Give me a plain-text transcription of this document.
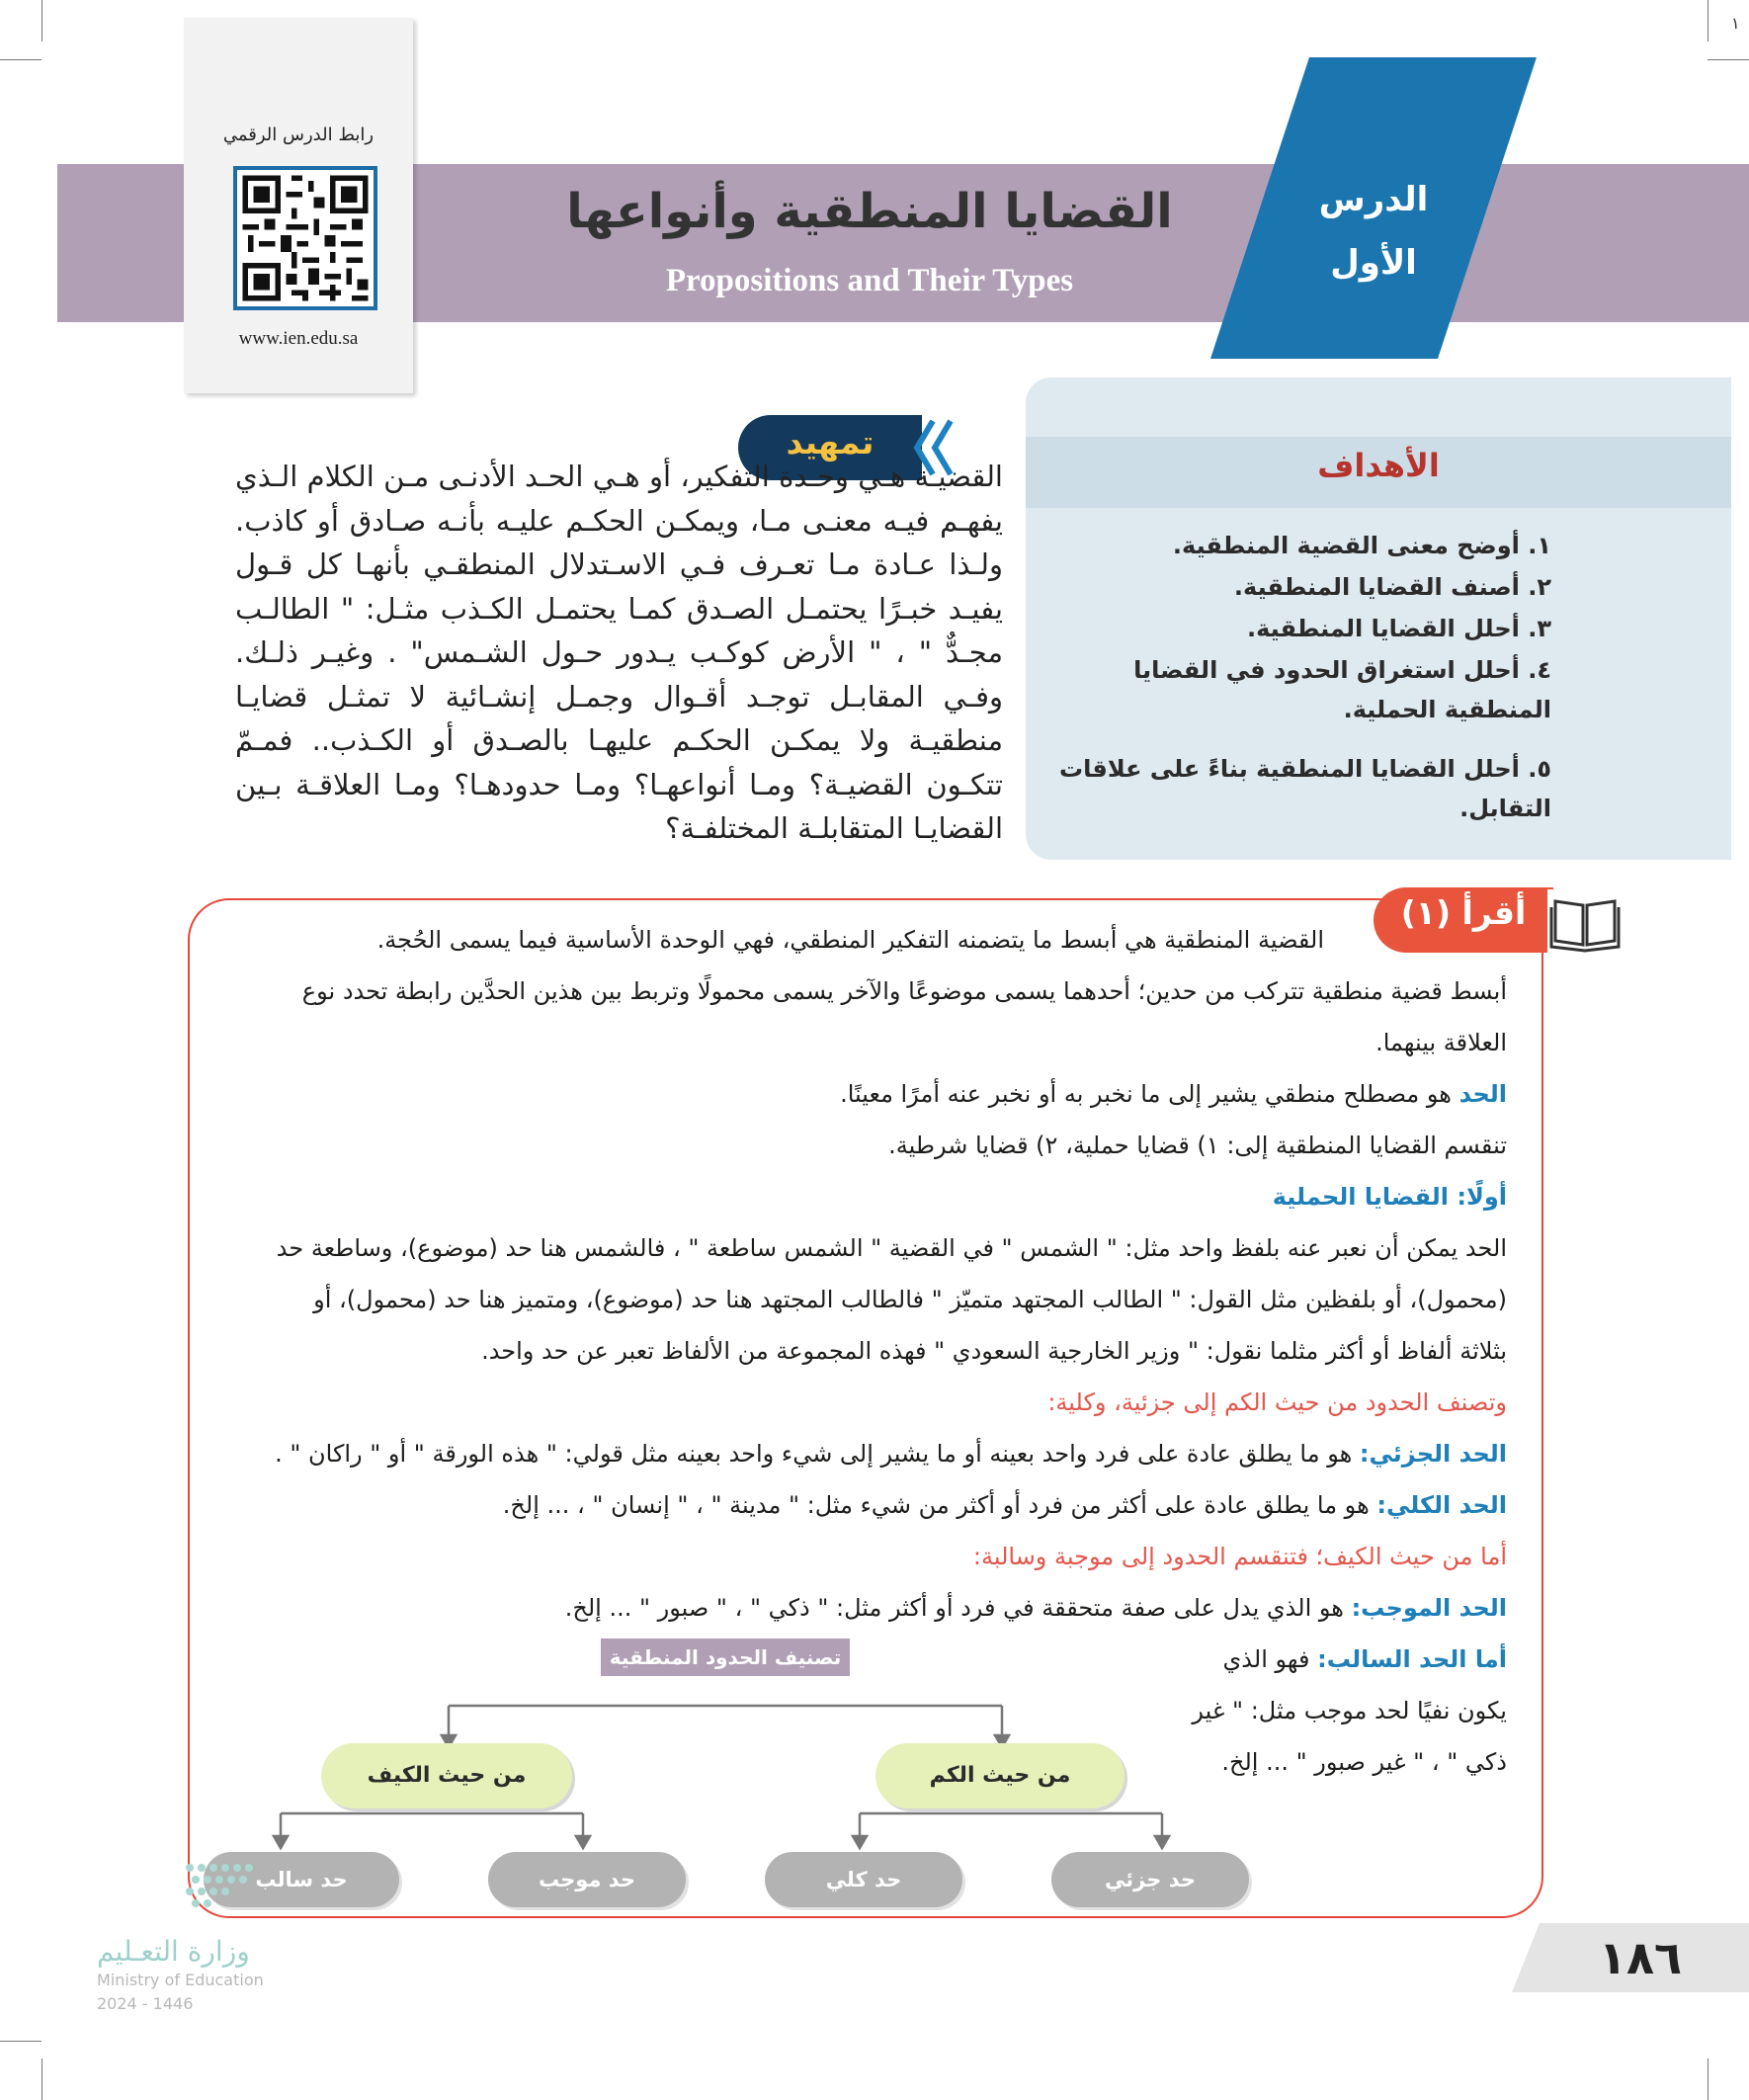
١
القضايا المنطقية وأنواعها
Propositions and Their Types
الدرس
الأول
رابط الدرس الرقمي
www.ien.edu.sa
الأهداف
١. أوضح معنى القضية المنطقية.
٢. أصنف القضايا المنطقية.
٣. أحلل القضايا المنطقية.
٤. أحلل استغراق الحدود في القضايا المنطقية الحملية.
٥. أحلل القضايا المنطقية بناءً على علاقات التقابل.
تمهيد
القضيـة هـي وحـدة التفكير، أو هـي الحـد الأدنـى مـن الكلام الـذي يفهـم فيـه معنـى مـا، ويمكـن الحكـم عليـه بأنـه صـادق أو كاذب. ولـذا عـادة مـا تعـرف فـي الاسـتدلال المنطقـي بأنهـا كل قـول يفيـد خبـرًا يحتمـل الصـدق كمـا يحتمـل الكـذب مثـل: " الطالـب مجـدٌّ " ، " الأرض كوكـب يـدور حـول الشـمس" . وغيـر ذلـك. وفـي المقابـل توجـد أقـوال وجمـل إنشـائية لا تمثـل قضايـا منطقيـة ولا يمكـن الحكـم عليهـا بالصـدق أو الكـذب.. فمـمّ تتكـون القضيـة؟ ومـا أنواعهـا؟ ومـا حدودهـا؟ ومـا العلاقـة بـين القضايـا المتقابلـة المختلفـة؟
أقرأ (١)
القضية المنطقية هي أبسط ما يتضمنه التفكير المنطقي، فهي الوحدة الأساسية فيما يسمى الحُجة.
أبسط قضية منطقية تتركب من حدين؛ أحدهما يسمى موضوعًا والآخر يسمى محمولًا وتربط بين هذين الحدَّين رابطة تحدد نوع
العلاقة بينهما.
الحد هو مصطلح منطقي يشير إلى ما نخبر به أو نخبر عنه أمرًا معينًا.
تنقسم القضايا المنطقية إلى: ١) قضايا حملية، ٢) قضايا شرطية.
أولًا: القضايا الحملية
الحد يمكن أن نعبر عنه بلفظ واحد مثل: " الشمس " في القضية " الشمس ساطعة " ، فالشمس هنا حد (موضوع)، وساطعة حد
(محمول)، أو بلفظين مثل القول: " الطالب المجتهد متميّز " فالطالب المجتهد هنا حد (موضوع)، ومتميز هنا حد (محمول)، أو
بثلاثة ألفاظ أو أكثر مثلما نقول: " وزير الخارجية السعودي " فهذه المجموعة من الألفاظ تعبر عن حد واحد.
وتصنف الحدود من حيث الكم إلى جزئية، وكلية:
الحد الجزئي: هو ما يطلق عادة على فرد واحد بعينه أو ما يشير إلى شيء واحد بعينه مثل قولي: " هذه الورقة " أو " راكان " .
الحد الكلي: هو ما يطلق عادة على أكثر من فرد أو أكثر من شيء مثل: " مدينة " ، " إنسان " ، ... إلخ.
أما من حيث الكيف؛ فتنقسم الحدود إلى موجبة وسالبة:
الحد الموجب: هو الذي يدل على صفة متحققة في فرد أو أكثر مثل: " ذكي " ، " صبور " ... إلخ.
أما الحد السالب: فهو الذي
يكون نفيًا لحد موجب مثل: " غير
ذكي " ، " غير صبور " ... إلخ.
تصنيف الحدود المنطقية
من حيث الكيف	من حيث الكم
حد سالب	حد موجب	حد كلي	حد جزئي
١٨٦
وزارة التعـليم
Ministry of Education
2024 - 1446
